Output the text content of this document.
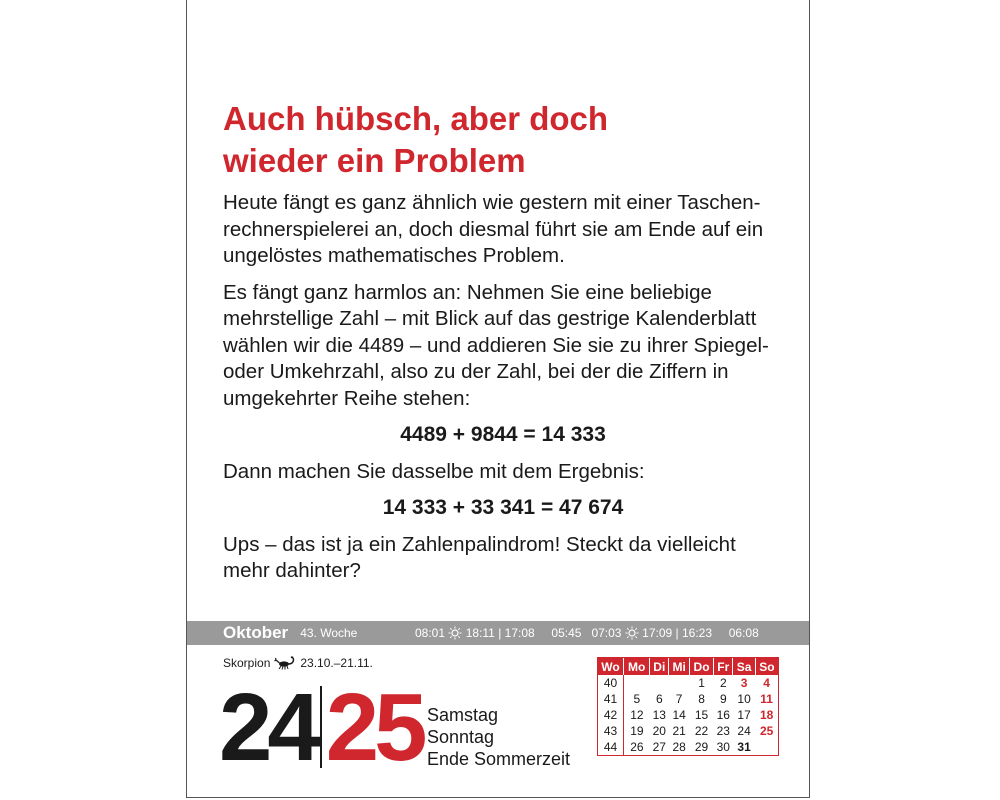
Auch hübsch, aber doch
wieder ein Problem

Heute fängt es ganz ähnlich wie gestern mit einer Taschenrechnerspielerei an, doch diesmal führt sie am Ende auf ein ungelöstes mathematisches Problem.

Es fängt ganz harmlos an: Nehmen Sie eine beliebige mehrstellige Zahl – mit Blick auf das gestrige Kalenderblatt wählen wir die 4489 – und addieren Sie sie zu ihrer Spiegel- oder Umkehrzahl, also zu der Zahl, bei der die Ziffern in umgekehrter Reihe stehen:

4489 + 9844 = 14 333

Dann machen Sie dasselbe mit dem Ergebnis:

14 333 + 33 341 = 47 674

Ups – das ist ja ein Zahlenpalindrom! Steckt da vielleicht mehr dahinter?

Oktober 43. Woche	08:01 18:11 | 17:08 05:45 07:03 17:09 | 16:23 06:08
Skorpion	23.10.–21.11.
24 25 Samstag
Sonntag
Ende Sommerzeit
Wo	Mo	Di	Mi	Do	Fr	Sa	So
40				1	2	3	4
41	5	6	7	8	9	10	11
42	12	13	14	15	16	17	18
43	19	20	21	22	23	24	25
44	26	27	28	29	30	31	
